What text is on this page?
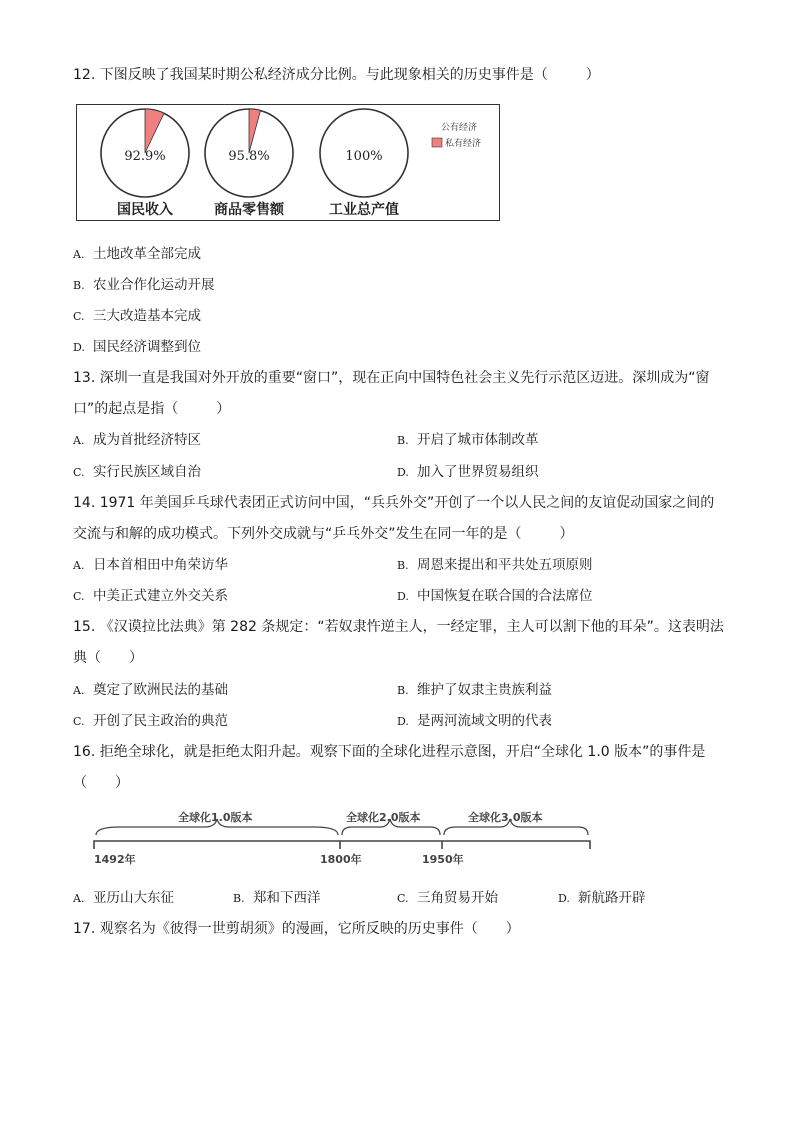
12. 下图反映了我国某时期公私经济成分比例。与此现象相关的历史事件是（	）
92.9%
国民收入
95.8%
商品零售额
100%
工业总产值
公有经济
私有经济
A. 土地改革全部完成
B. 农业合作化运动开展
C. 三大改造基本完成
D. 国民经济调整到位
13. 深圳一直是我国对外开放的重要“窗口”，现在正向中国特色社会主义先行示范区迈进。深圳成为“窗
口”的起点是指（	）
A. 成为首批经济特区	B. 开启了城市体制改革
C. 实行民族区域自治	D. 加入了世界贸易组织
14. 1971 年美国乒乓球代表团正式访问中国，“兵兵外交”开创了一个以人民之间的友谊促动国家之间的
交流与和解的成功模式。下列外交成就与“乒乓外交”发生在同一年的是（	）
A. 日本首相田中角荣访华	B. 周恩来提出和平共处五项原则
C. 中美正式建立外交关系	D. 中国恢复在联合国的合法席位
15. 《汉谟拉比法典》第 282 条规定：“若奴隶忤逆主人，一经定罪，主人可以割下他的耳朵”。这表明法
典（ ）
A. 奠定了欧洲民法的基础	B. 维护了奴隶主贵族利益
C. 开创了民主政治的典范	D. 是两河流域文明的代表
16. 拒绝全球化，就是拒绝太阳升起。观察下面的全球化进程示意图，开启“全球化 1.0 版本”的事件是
（ ）
全球化1.0版本	全球化2.0版本	全球化3.0版本
1492年	1800年	1950年
A. 亚历山大东征	B. 郑和下西洋	C. 三角贸易开始	D. 新航路开辟
17. 观察名为《彼得一世剪胡须》的漫画，它所反映的历史事件（ ）
